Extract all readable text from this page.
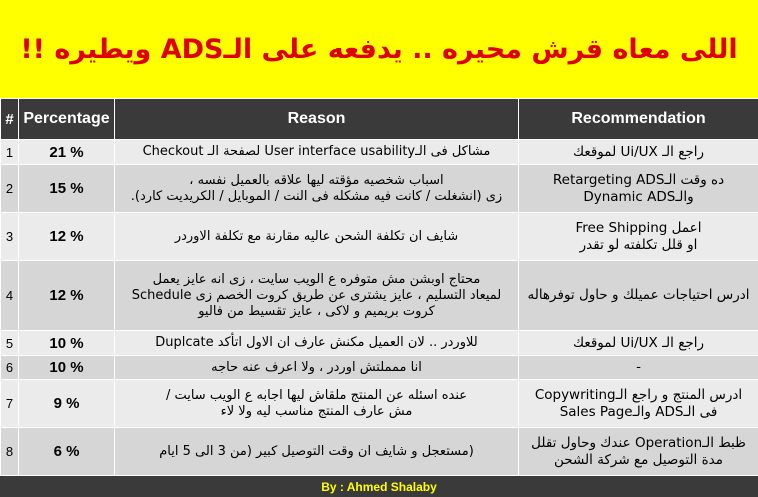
اللى معاه قرش محيره .. يدفعه على الـADS ويطيره !!
#	Percentage	Reason	Recommendation
1	21 %	مشاكل فى الـUser interface usability لصفحة الـ Checkout	راجع الـ Ui/UX لموقعك

2	15 %	اسباب شخصيه مؤقته ليها علاقه بالعميل نفسه ،
زى (انشغلت / كانت فيه مشكله فى النت / الموبايل / الكريديت كارد).	ده وقت الـRetargeting ADS
والـDynamic ADS

3	12 %	شايف ان تكلفة الشحن عاليه مقارنة مع تكلفة الاوردر	اعمل Free Shipping
او قلل تكلفته لو تقدر

4	12 %	محتاج اوبشن مش متوفره ع الويب سايت ، زى انه عايز يعمل
Schedule لميعاد التسليم ، عايز يشترى عن طريق كروت الخصم زى
كروت بريميم و لاكى ، عايز تقسيط من فاليو	ادرس احتياجات عميلك و حاول توفرهاله

5	10 %	Duplcate للاوردر .. لان العميل مكنش عارف ان الاول اتأكد	راجع الـ Ui/UX لموقعك

6	10 %	انا ممملتش اوردر ، ولا اعرف عنه حاجه	-

7	9 %	عنده اسئله عن المنتج ملقاش ليها اجابه ع الويب سايت /
مش عارف المنتج مناسب ليه ولا لاء	ادرس المنتج و راجع الـCopywriting
فى الـADS والـSales Page

8	6 %	(مستعجل و شايف ان وقت التوصيل كبير (من 3 الى 5 ايام	ظبط الـOperation عندك وحاول تقلل
مدة التوصيل مع شركة الشحن
By : Ahmed Shalaby
